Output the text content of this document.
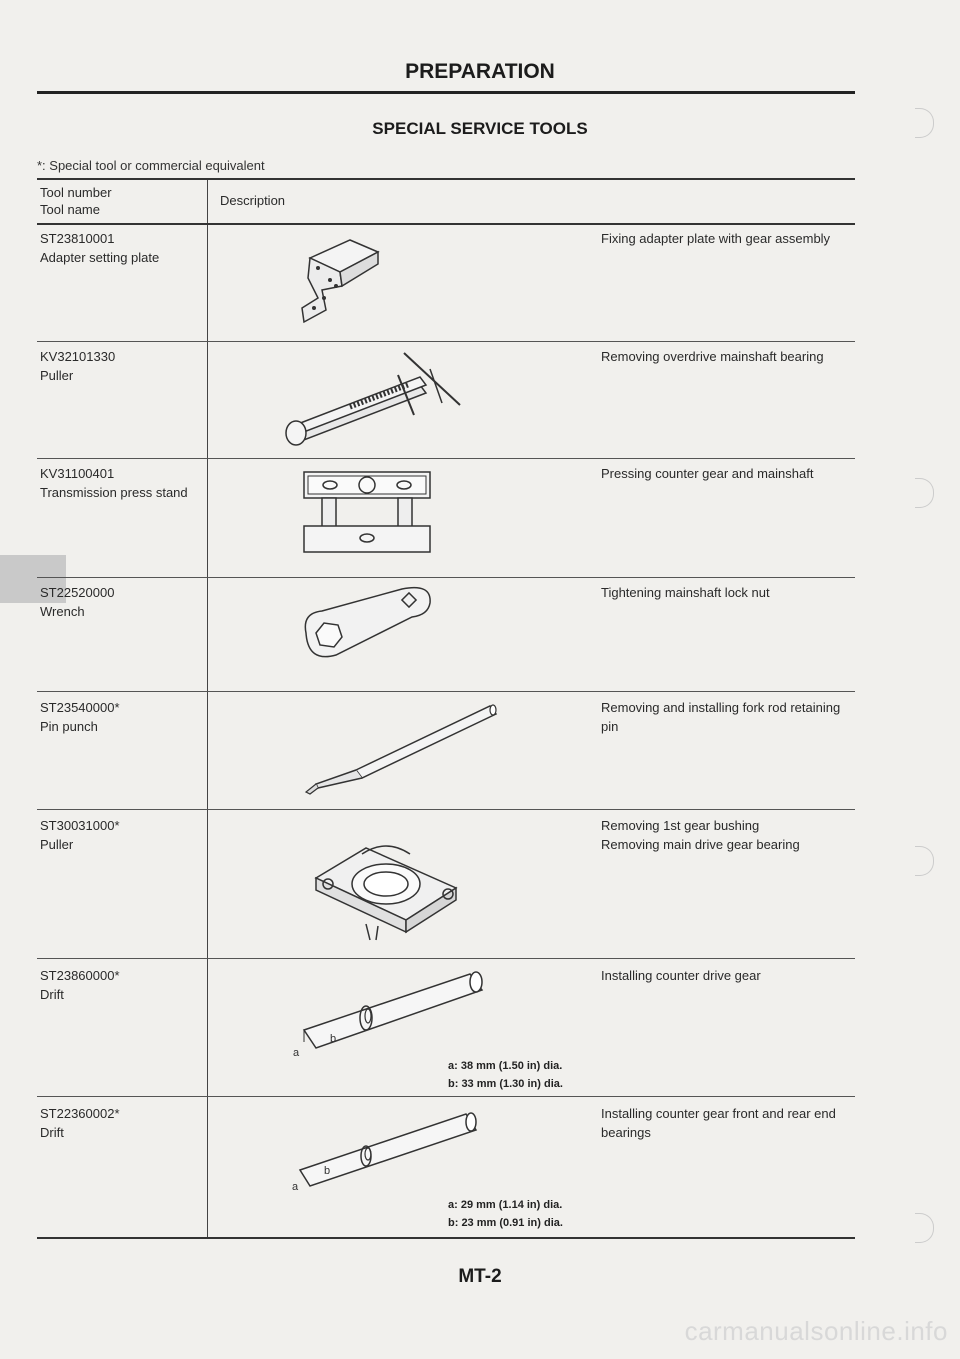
PREPARATION
SPECIAL SERVICE TOOLS
*: Special tool or commercial equivalent
Tool number
Tool name
Description
ST23810001
Adapter setting plate
Fixing adapter plate with gear assembly
KV32101330
Puller
Removing overdrive mainshaft bearing
KV31100401
Transmission press stand
Pressing counter gear and mainshaft
ST22520000
Wrench
Tightening mainshaft lock nut
ST23540000*
Pin punch
Removing and installing fork rod retaining pin
ST30031000*
Puller
Removing 1st gear bushing
Removing main drive gear bearing
ST23860000*
Drift
Installing counter drive gear
a
b
a: 38 mm (1.50 in) dia.
b: 33 mm (1.30 in) dia.
ST22360002*
Drift
Installing counter gear front and rear end bearings
a
b
a: 29 mm (1.14 in) dia.
b: 23 mm (0.91 in) dia.
MT-2
carmanualsonline.info
